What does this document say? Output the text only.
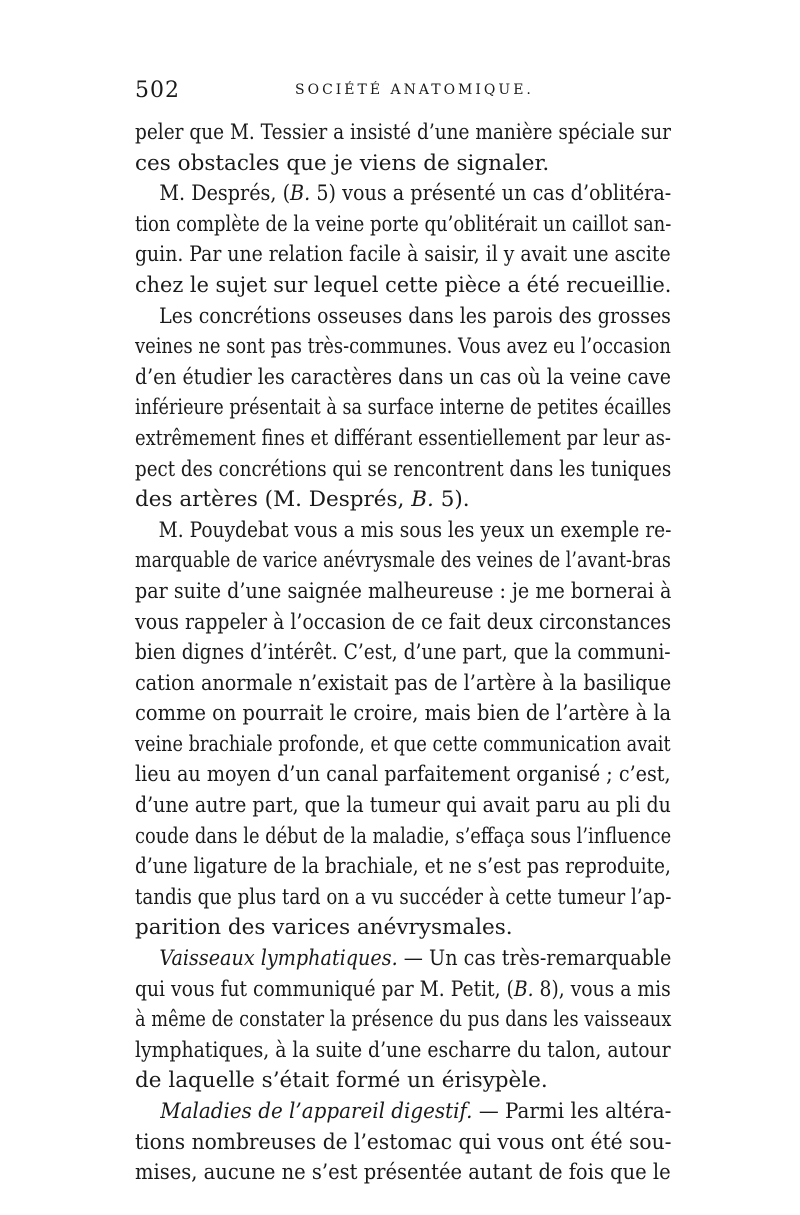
502	SOCIÉTÉ ANATOMIQUE.
peler que M. Tessier a insisté d’une manière spéciale sur
ces obstacles que je viens de signaler.
M. Després, (B. 5) vous a présenté un cas d’oblitéra-
tion complète de la veine porte qu’oblitérait un caillot san-
guin. Par une relation facile à saisir, il y avait une ascite
chez le sujet sur lequel cette pièce a été recueillie.
Les concrétions osseuses dans les parois des grosses
veines ne sont pas très-communes. Vous avez eu l’occasion
d’en étudier les caractères dans un cas où la veine cave
inférieure présentait à sa surface interne de petites écailles
extrêmement fines et différant essentiellement par leur as-
pect des concrétions qui se rencontrent dans les tuniques
des artères (M. Després, B. 5).
M. Pouydebat vous a mis sous les yeux un exemple re-
marquable de varice anévrysmale des veines de l’avant-bras
par suite d’une saignée malheureuse : je me bornerai à
vous rappeler à l’occasion de ce fait deux circonstances
bien dignes d’intérêt. C’est, d’une part, que la communi-
cation anormale n’existait pas de l’artère à la basilique
comme on pourrait le croire, mais bien de l’artère à la
veine brachiale profonde, et que cette communication avait
lieu au moyen d’un canal parfaitement organisé ; c’est,
d’une autre part, que la tumeur qui avait paru au pli du
coude dans le début de la maladie, s’effaça sous l’influence
d’une ligature de la brachiale, et ne s’est pas reproduite,
tandis que plus tard on a vu succéder à cette tumeur l’ap-
parition des varices anévrysmales.
Vaisseaux lymphatiques. — Un cas très-remarquable
qui vous fut communiqué par M. Petit, (B. 8), vous a mis
à même de constater la présence du pus dans les vaisseaux
lymphatiques, à la suite d’une escharre du talon, autour
de laquelle s’était formé un érisypèle.
Maladies de l’appareil digestif. — Parmi les altéra-
tions nombreuses de l’estomac qui vous ont été sou-
mises, aucune ne s’est présentée autant de fois que le
